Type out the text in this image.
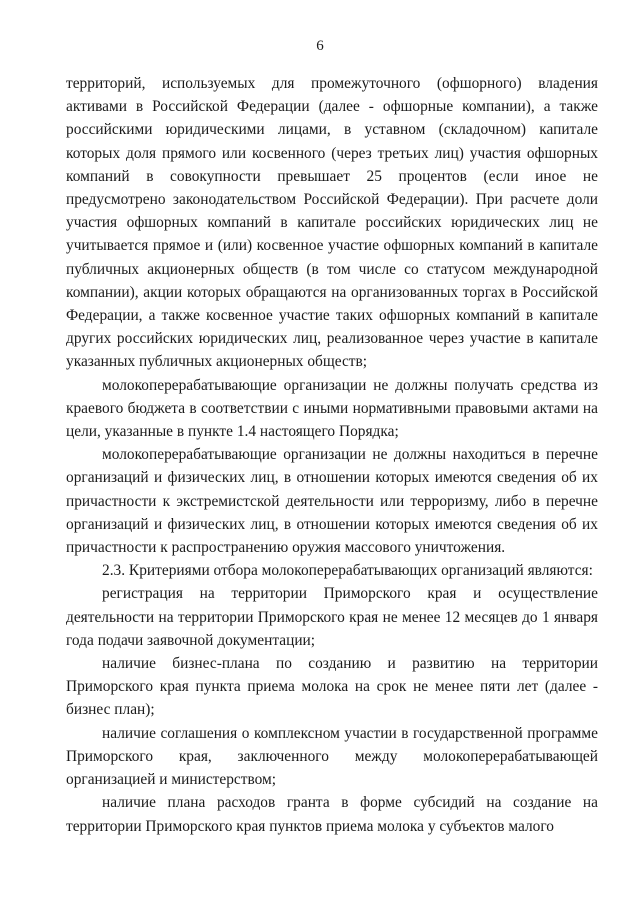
6

территорий, используемых для промежуточного (офшорного) владения активами в Российской Федерации (далее - офшорные компании), а также российскими юридическими лицами, в уставном (складочном) капитале которых доля прямого или косвенного (через третьих лиц) участия офшорных компаний в совокупности превышает 25 процентов (если иное не предусмотрено законодательством Российской Федерации). При расчете доли участия офшорных компаний в капитале российских юридических лиц не учитывается прямое и (или) косвенное участие офшорных компаний в капитале публичных акционерных обществ (в том числе со статусом международной компании), акции которых обращаются на организованных торгах в Российской Федерации, а также косвенное участие таких офшорных компаний в капитале других российских юридических лиц, реализованное через участие в капитале указанных публичных акционерных обществ;

молокоперерабатывающие организации не должны получать средства из краевого бюджета в соответствии с иными нормативными правовыми актами на цели, указанные в пункте 1.4 настоящего Порядка;

молокоперерабатывающие организации не должны находиться в перечне организаций и физических лиц, в отношении которых имеются сведения об их причастности к экстремистской деятельности или терроризму, либо в перечне организаций и физических лиц, в отношении которых имеются сведения об их причастности к распространению оружия массового уничтожения.

2.3. Критериями отбора молокоперерабатывающих организаций являются:

регистрация на территории Приморского края и осуществление деятельности на территории Приморского края не менее 12 месяцев до 1 января года подачи заявочной документации;

наличие бизнес-плана по созданию и развитию на территории Приморского края пункта приема молока на срок не менее пяти лет (далее - бизнес план);

наличие соглашения о комплексном участии в государственной программе Приморского края, заключенного между молокоперерабатывающей организацией и министерством;

наличие плана расходов гранта в форме субсидий на создание на территории Приморского края пунктов приема молока у субъектов малого
